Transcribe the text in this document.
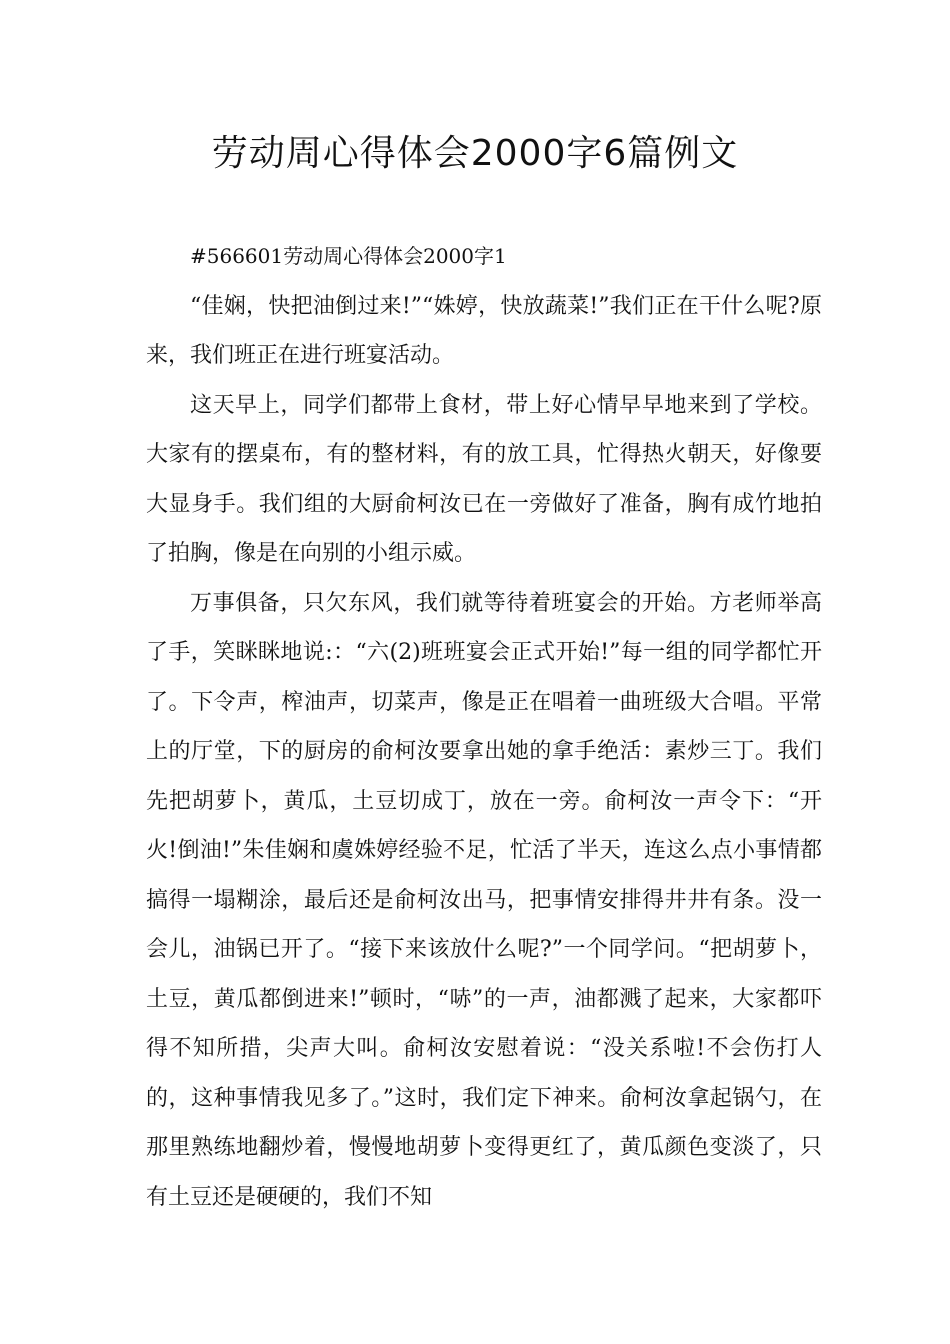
劳动周心得体会2000字6篇例文

#566601劳动周心得体会2000字1

“佳娴，快把油倒过来!”“姝婷，快放蔬菜!”我们正在干什么呢?原来，我们班正在进行班宴活动。

这天早上，同学们都带上食材，带上好心情早早地来到了学校。大家有的摆桌布，有的整材料，有的放工具，忙得热火朝天，好像要大显身手。我们组的大厨俞柯汝已在一旁做好了准备，胸有成竹地拍了拍胸，像是在向别的小组示威。

万事俱备，只欠东风，我们就等待着班宴会的开始。方老师举高了手，笑眯眯地说:：“六(2)班班宴会正式开始!”每一组的同学都忙开了。下令声，榨油声，切菜声，像是正在唱着一曲班级大合唱。平常上的厅堂，下的厨房的俞柯汝要拿出她的拿手绝活：素炒三丁。我们先把胡萝卜，黄瓜，土豆切成丁，放在一旁。俞柯汝一声令下：“开火!倒油!”朱佳娴和虞姝婷经验不足，忙活了半天，连这么点小事情都搞得一塌糊涂，最后还是俞柯汝出马，把事情安排得井井有条。没一会儿，油锅已开了。“接下来该放什么呢?”一个同学问。“把胡萝卜，土豆，黄瓜都倒进来!”顿时，“哧”的一声，油都溅了起来，大家都吓得不知所措，尖声大叫。俞柯汝安慰着说：“没关系啦!不会伤打人的，这种事情我见多了。”这时，我们定下神来。俞柯汝拿起锅勺，在那里熟练地翻炒着，慢慢地胡萝卜变得更红了，黄瓜颜色变淡了，只有土豆还是硬硬的，我们不知
